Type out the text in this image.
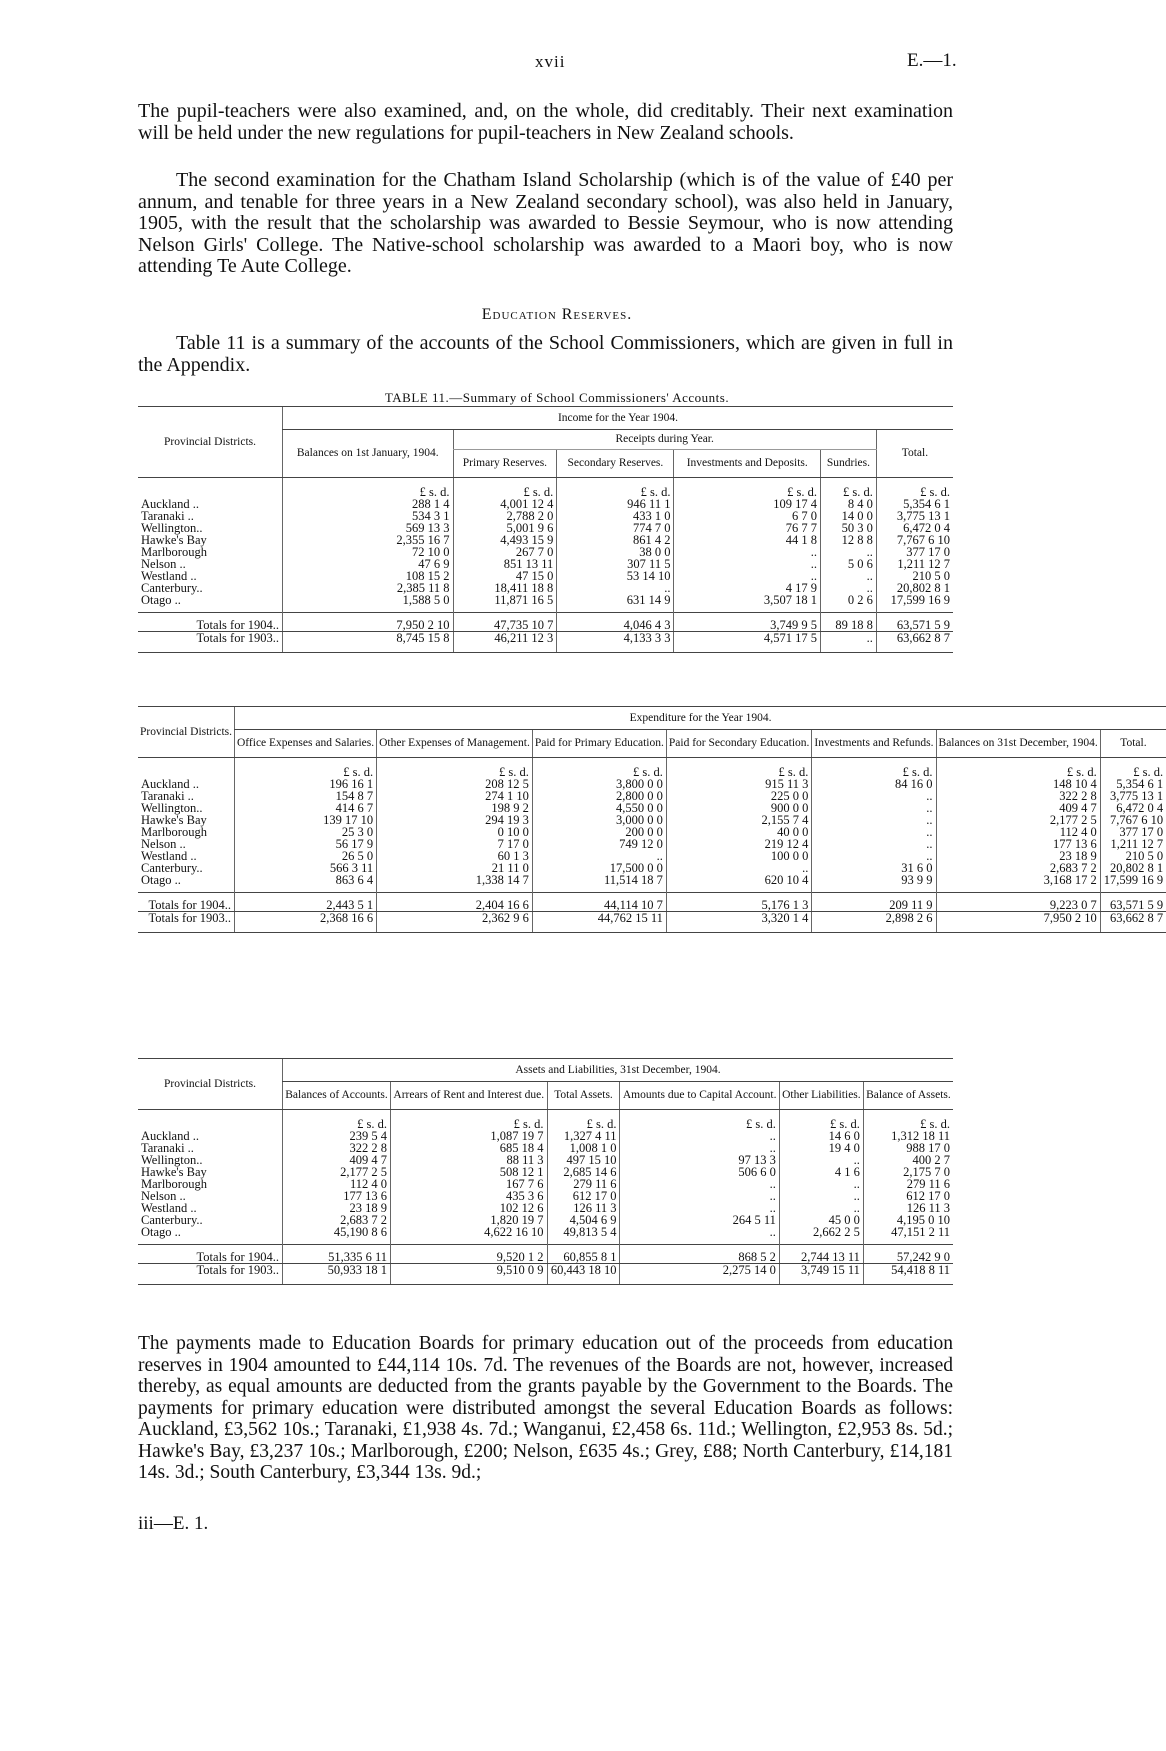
xvii	E.—1.
The pupil-teachers were also examined, and, on the whole, did creditably. Their next examination will be held under the new regulations for pupil-teachers in New Zealand schools.
The second examination for the Chatham Island Scholarship (which is of the value of £40 per annum, and tenable for three years in a New Zealand secondary school), was also held in January, 1905, with the result that the scholarship was awarded to Bessie Seymour, who is now attending Nelson Girls' College. The Native-school scholarship was awarded to a Maori boy, who is now attending Te Aute College.
Education Reserves.
Table 11 is a summary of the accounts of the School Commissioners, which are given in full in the Appendix.
TABLE 11.—Summary of School Commissioners' Accounts.
Provincial Districts.	Income for the Year 1904.					
	Balances on 1st January, 1904.	Receipts during Year.				Total.
		Primary Reserves.	Secondary Reserves.	Investments and Deposits.	Sundries.	
	£ s. d.	£ s. d.	£ s. d.	£ s. d.	£ s. d.	£ s. d.
Auckland ..	288 1 4	4,001 12 4	946 11 1	109 17 4	8 4 0	5,354 6 1
Taranaki ..	534 3 1	2,788 2 0	433 1 0	6 7 0	14 0 0	3,775 13 1
Wellington..	569 13 3	5,001 9 6	774 7 0	76 7 7	50 3 0	6,472 0 4
Hawke's Bay	2,355 16 7	4,493 15 9	861 4 2	44 1 8	12 8 8	7,767 6 10
Marlborough	72 10 0	267 7 0	38 0 0	..	..	377 17 0
Nelson ..	47 6 9	851 13 11	307 11 5	..	5 0 6	1,211 12 7
Westland ..	108 15 2	47 15 0	53 14 10	..	..	210 5 0
Canterbury..	2,385 11 8	18,411 18 8	..	4 17 9	..	20,802 8 1
Otago ..	1,588 5 0	11,871 16 5	631 14 9	3,507 18 1	0 2 6	17,599 16 9
Totals for 1904..	7,950 2 10	47,735 10 7	4,046 4 3	3,749 9 5	89 18 8	63,571 5 9
Totals for 1903..	8,745 15 8	46,211 12 3	4,133 3 3	4,571 17 5	..	63,662 8 7
Provincial Districts.	Expenditure for the Year 1904.						
	Office Expenses and Salaries.	Other Expenses of Management.	Paid for Primary Education.	Paid for Secondary Education.	Investments and Refunds.	Balances on 31st December, 1904.	Total.
	£ s. d.	£ s. d.	£ s. d.	£ s. d.	£ s. d.	£ s. d.	£ s. d.
Auckland ..	196 16 1	208 12 5	3,800 0 0	915 11 3	84 16 0	148 10 4	5,354 6 1
Taranaki ..	154 8 7	274 1 10	2,800 0 0	225 0 0	..	322 2 8	3,775 13 1
Wellington..	414 6 7	198 9 2	4,550 0 0	900 0 0	..	409 4 7	6,472 0 4
Hawke's Bay	139 17 10	294 19 3	3,000 0 0	2,155 7 4	..	2,177 2 5	7,767 6 10
Marlborough	25 3 0	0 10 0	200 0 0	40 0 0	..	112 4 0	377 17 0
Nelson ..	56 17 9	7 17 0	749 12 0	219 12 4	..	177 13 6	1,211 12 7
Westland ..	26 5 0	60 1 3	..	100 0 0	..	23 18 9	210 5 0
Canterbury..	566 3 11	21 11 0	17,500 0 0	..	31 6 0	2,683 7 2	20,802 8 1
Otago ..	863 6 4	1,338 14 7	11,514 18 7	620 10 4	93 9 9	3,168 17 2	17,599 16 9
Totals for 1904..	2,443 5 1	2,404 16 6	44,114 10 7	5,176 1 3	209 11 9	9,223 0 7	63,571 5 9
Totals for 1903..	2,368 16 6	2,362 9 6	44,762 15 11	3,320 1 4	2,898 2 6	7,950 2 10	63,662 8 7
Provincial Districts.	Assets and Liabilities, 31st December, 1904.					
	Balances of Accounts.	Arrears of Rent and Interest due.	Total Assets.	Amounts due to Capital Account.	Other Liabilities.	Balance of Assets.
	£ s. d.	£ s. d.	£ s. d.	£ s. d.	£ s. d.	£ s. d.
Auckland ..	239 5 4	1,087 19 7	1,327 4 11	..	14 6 0	1,312 18 11
Taranaki ..	322 2 8	685 18 4	1,008 1 0	..	19 4 0	988 17 0
Wellington..	409 4 7	88 11 3	497 15 10	97 13 3	..	400 2 7
Hawke's Bay	2,177 2 5	508 12 1	2,685 14 6	506 6 0	4 1 6	2,175 7 0
Marlborough	112 4 0	167 7 6	279 11 6	..	..	279 11 6
Nelson ..	177 13 6	435 3 6	612 17 0	..	..	612 17 0
Westland ..	23 18 9	102 12 6	126 11 3	..	..	126 11 3
Canterbury..	2,683 7 2	1,820 19 7	4,504 6 9	264 5 11	45 0 0	4,195 0 10
Otago ..	45,190 8 6	4,622 16 10	49,813 5 4	..	2,662 2 5	47,151 2 11
Totals for 1904..	51,335 6 11	9,520 1 2	60,855 8 1	868 5 2	2,744 13 11	57,242 9 0
Totals for 1903..	50,933 18 1	9,510 0 9	60,443 18 10	2,275 14 0	3,749 15 11	54,418 8 11
The payments made to Education Boards for primary education out of the proceeds from education reserves in 1904 amounted to £44,114 10s. 7d. The revenues of the Boards are not, however, increased thereby, as equal amounts are deducted from the grants payable by the Government to the Boards. The payments for primary education were distributed amongst the several Education Boards as follows: Auckland, £3,562 10s.; Taranaki, £1,938 4s. 7d.; Wanganui, £2,458 6s. 11d.; Wellington, £2,953 8s. 5d.; Hawke's Bay, £3,237 10s.; Marlborough, £200; Nelson, £635 4s.; Grey, £88; North Canterbury, £14,181 14s. 3d.; South Canterbury, £3,344 13s. 9d.;
iii—E. 1.
